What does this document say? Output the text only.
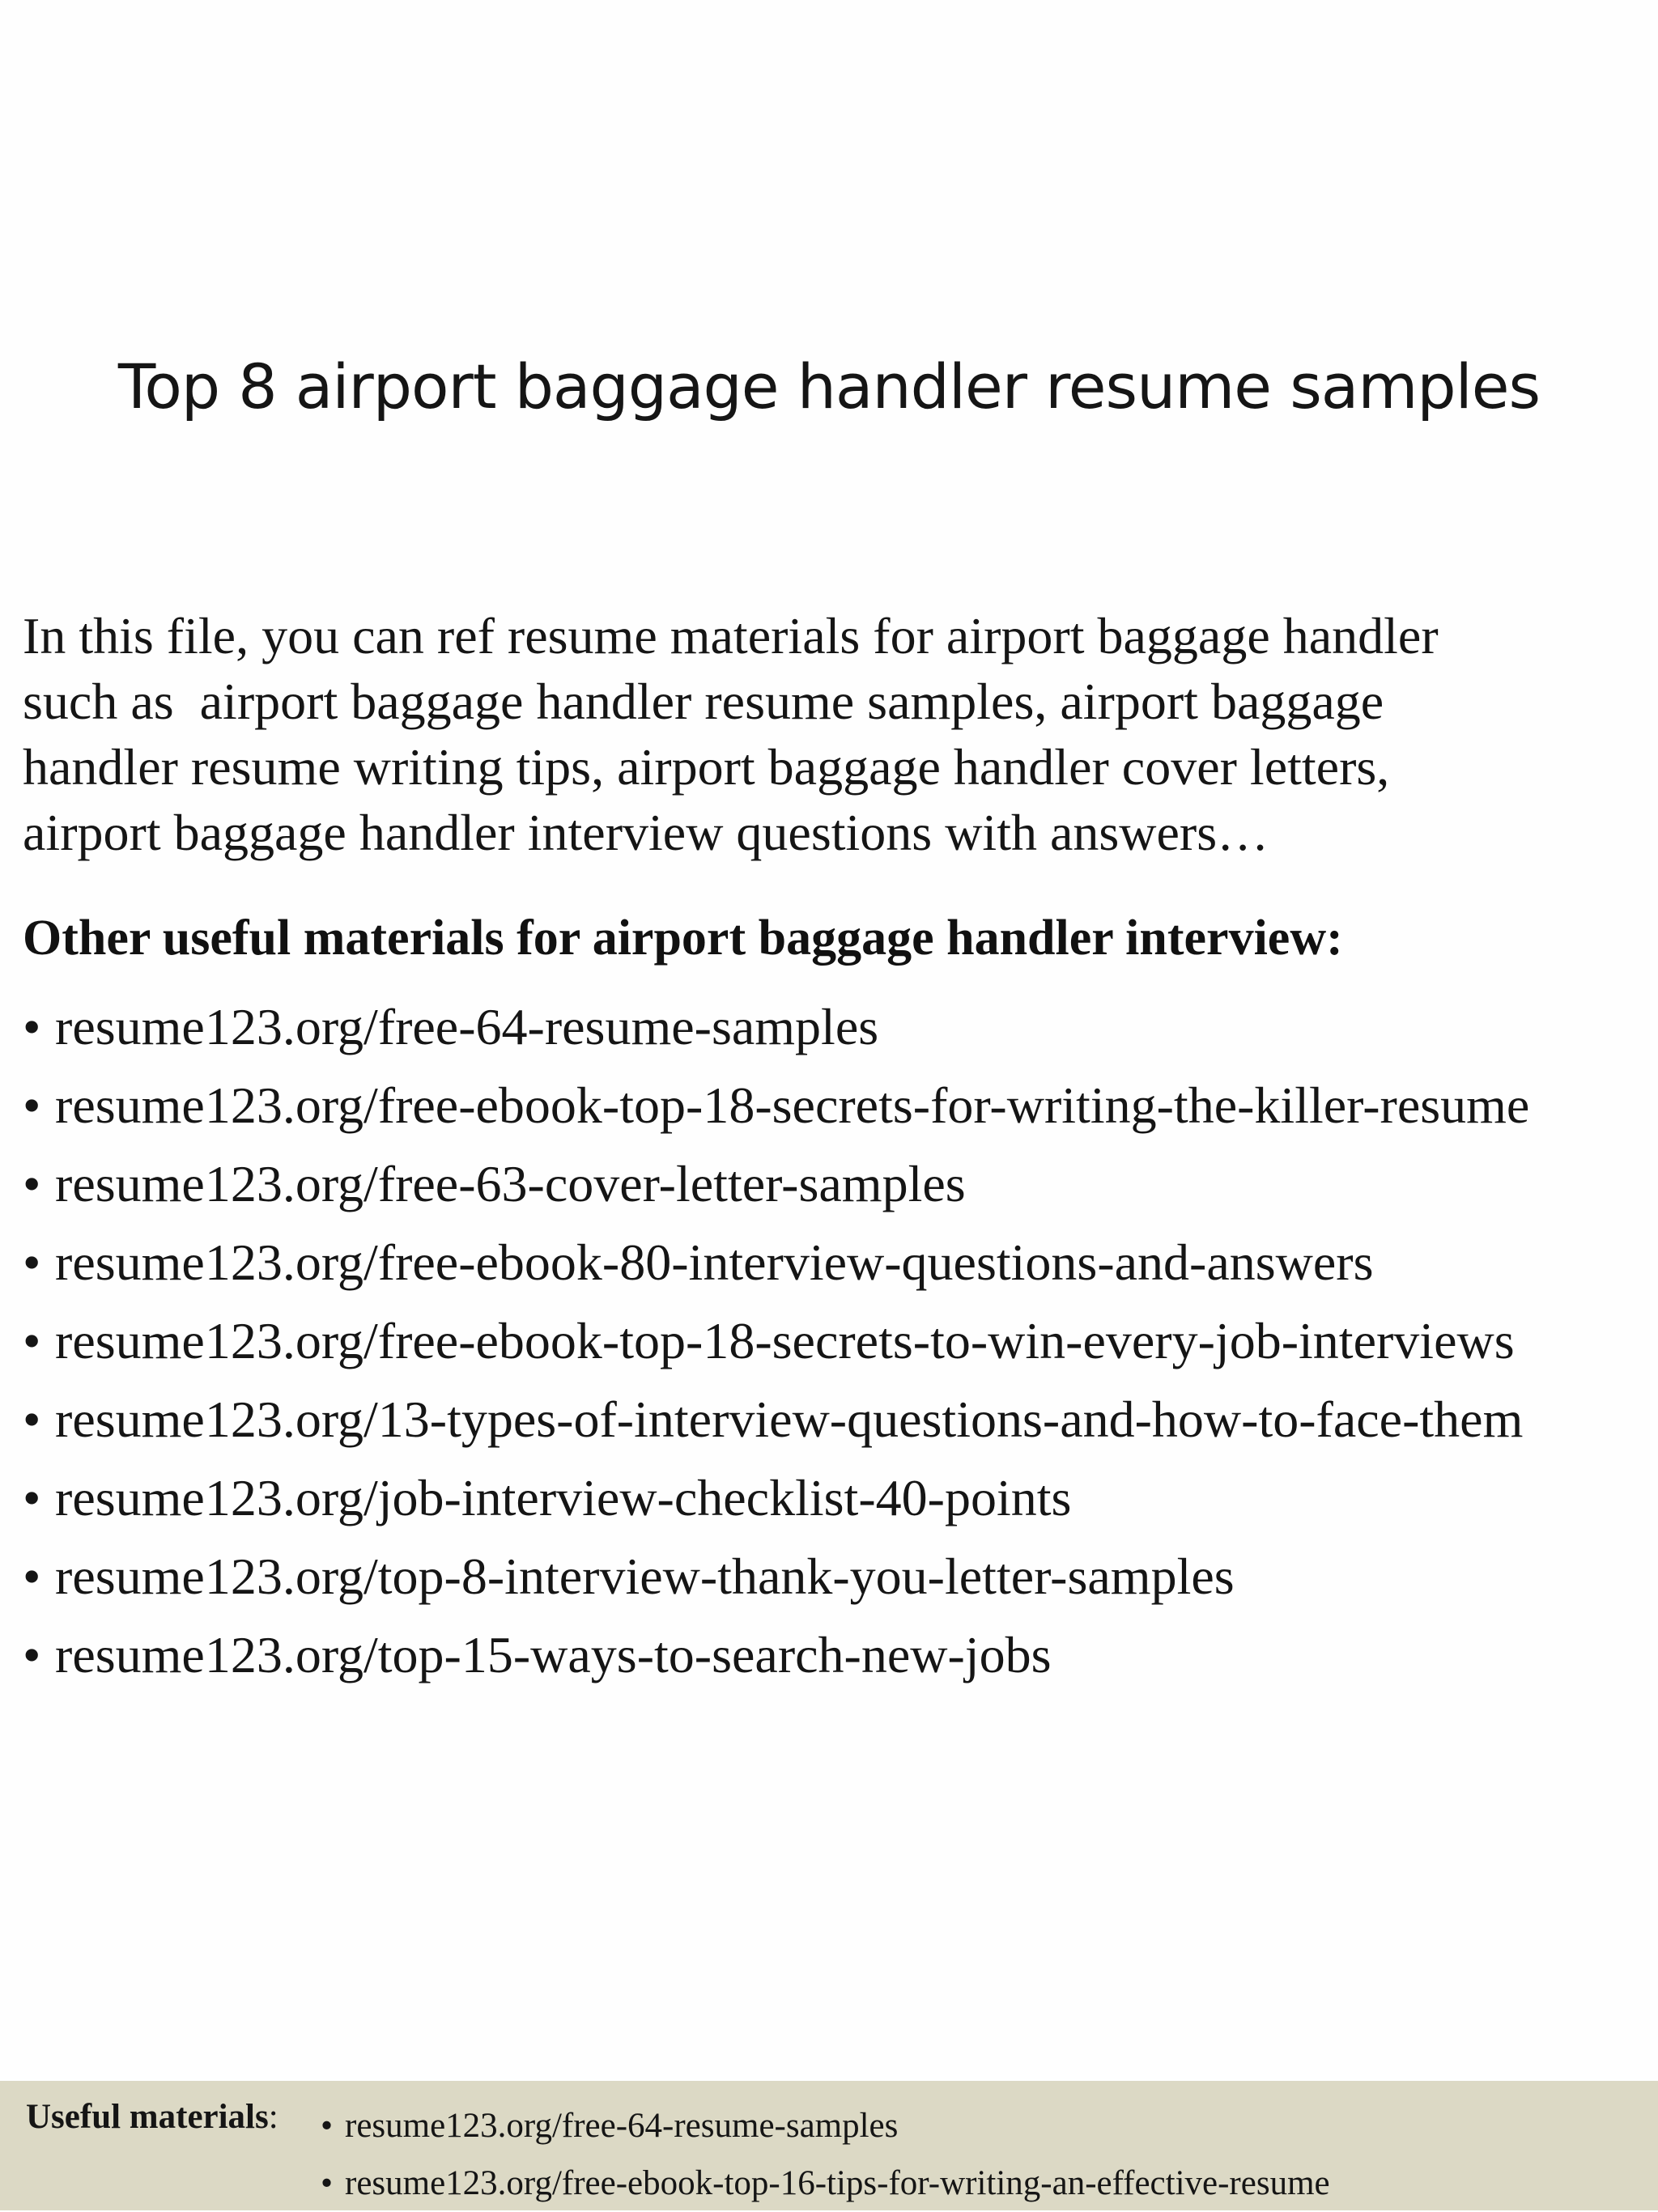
Top 8 airport baggage handler resume samples
In this file, you can ref resume materials for airport baggage handler
such as  airport baggage handler resume samples, airport baggage
handler resume writing tips, airport baggage handler cover letters,
airport baggage handler interview questions with answers…
Other useful materials for airport baggage handler interview:
• resume123.org/free-64-resume-samples
• resume123.org/free-ebook-top-18-secrets-for-writing-the-killer-resume
• resume123.org/free-63-cover-letter-samples
• resume123.org/free-ebook-80-interview-questions-and-answers
• resume123.org/free-ebook-top-18-secrets-to-win-every-job-interviews
• resume123.org/13-types-of-interview-questions-and-how-to-face-them
• resume123.org/job-interview-checklist-40-points
• resume123.org/top-8-interview-thank-you-letter-samples
• resume123.org/top-15-ways-to-search-new-jobs
Useful materials: • resume123.org/free-64-resume-samples
• resume123.org/free-ebook-top-16-tips-for-writing-an-effective-resume
